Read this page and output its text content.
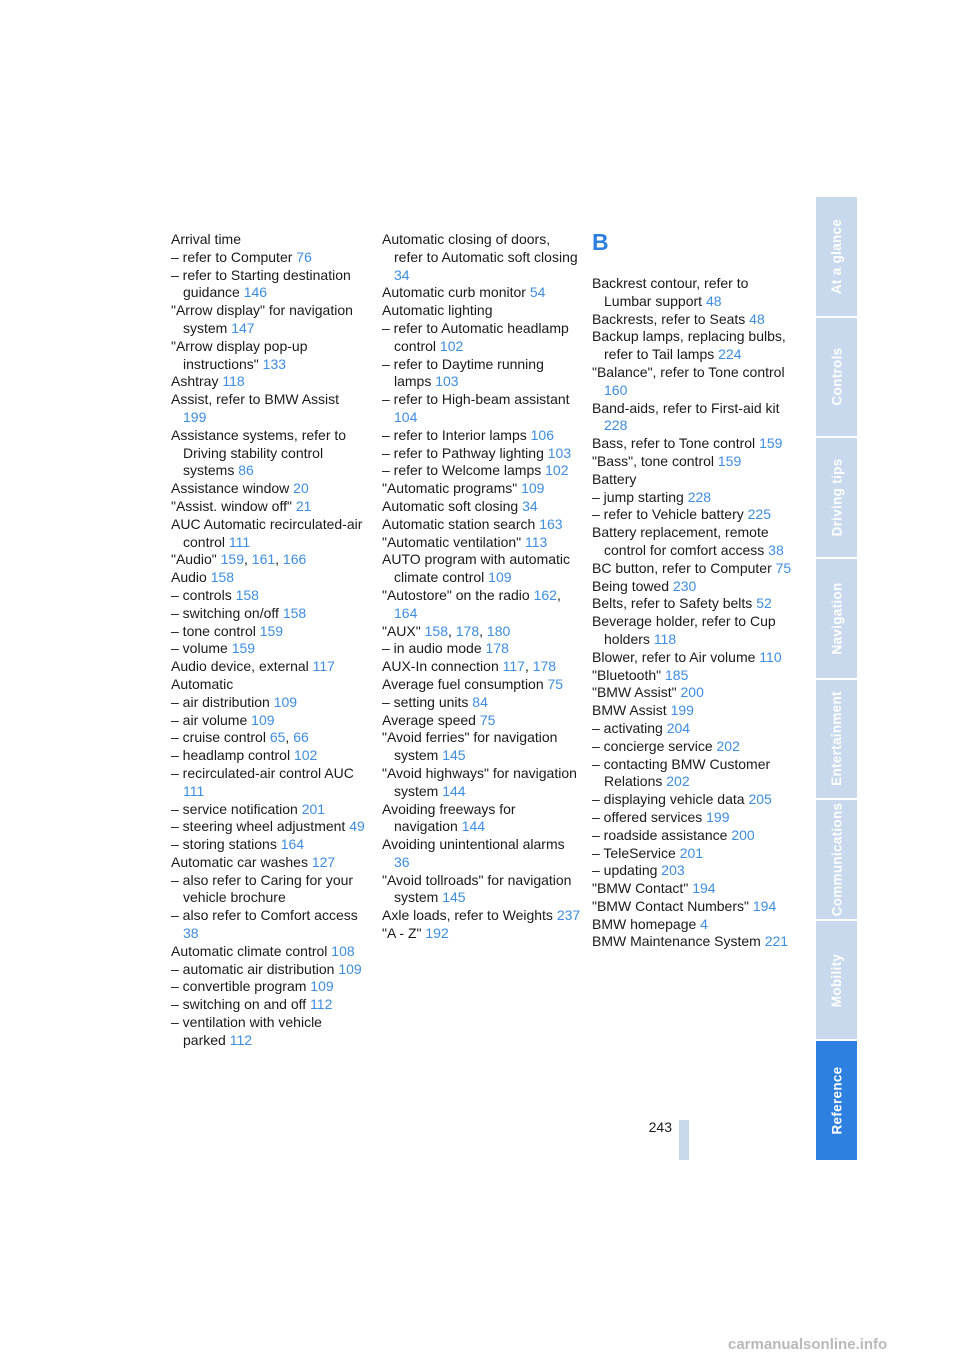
Arrival time
– refer to Computer 76
– refer to Starting destination guidance 146
"Arrow display" for navigation system 147
"Arrow display pop-up instructions" 133
Ashtray 118
Assist, refer to BMW Assist 199
Assistance systems, refer to Driving stability control systems 86
Assistance window 20
"Assist. window off" 21
AUC Automatic recirculated-air control 111
"Audio" 159, 161, 166
Audio 158
– controls 158
– switching on/off 158
– tone control 159
– volume 159
Audio device, external 117
Automatic
– air distribution 109
– air volume 109
– cruise control 65, 66
– headlamp control 102
– recirculated-air control AUC 111
– service notification 201
– steering wheel adjustment 49
– storing stations 164
Automatic car washes 127
– also refer to Caring for your vehicle brochure
– also refer to Comfort access 38
Automatic climate control 108
– automatic air distribution 109
– convertible program 109
– switching on and off 112
– ventilation with vehicle parked 112
Automatic closing of doors, refer to Automatic soft closing 34
Automatic curb monitor 54
Automatic lighting
– refer to Automatic headlamp control 102
– refer to Daytime running lamps 103
– refer to High-beam assistant 104
– refer to Interior lamps 106
– refer to Pathway lighting 103
– refer to Welcome lamps 102
"Automatic programs" 109
Automatic soft closing 34
Automatic station search 163
"Automatic ventilation" 113
AUTO program with automatic climate control 109
"Autostore" on the radio 162, 164
"AUX" 158, 178, 180
– in audio mode 178
AUX-In connection 117, 178
Average fuel consumption 75
– setting units 84
Average speed 75
"Avoid ferries" for navigation system 145
"Avoid highways" for navigation system 144
Avoiding freeways for navigation 144
Avoiding unintentional alarms 36
"Avoid tollroads" for navigation system 145
Axle loads, refer to Weights 237
"A - Z" 192
B
Backrest contour, refer to Lumbar support 48
Backrests, refer to Seats 48
Backup lamps, replacing bulbs, refer to Tail lamps 224
"Balance", refer to Tone control 160
Band-aids, refer to First-aid kit 228
Bass, refer to Tone control 159
"Bass", tone control 159
Battery
– jump starting 228
– refer to Vehicle battery 225
Battery replacement, remote control for comfort access 38
BC button, refer to Computer 75
Being towed 230
Belts, refer to Safety belts 52
Beverage holder, refer to Cup holders 118
Blower, refer to Air volume 110
"Bluetooth" 185
"BMW Assist" 200
BMW Assist 199
– activating 204
– concierge service 202
– contacting BMW Customer Relations 202
– displaying vehicle data 205
– offered services 199
– roadside assistance 200
– TeleService 201
– updating 203
"BMW Contact" 194
"BMW Contact Numbers" 194
BMW homepage 4
BMW Maintenance System 221
At a glance
Controls
Driving tips
Navigation
Entertainment
Communications
Mobility
Reference
243
carmanualsonline.info
